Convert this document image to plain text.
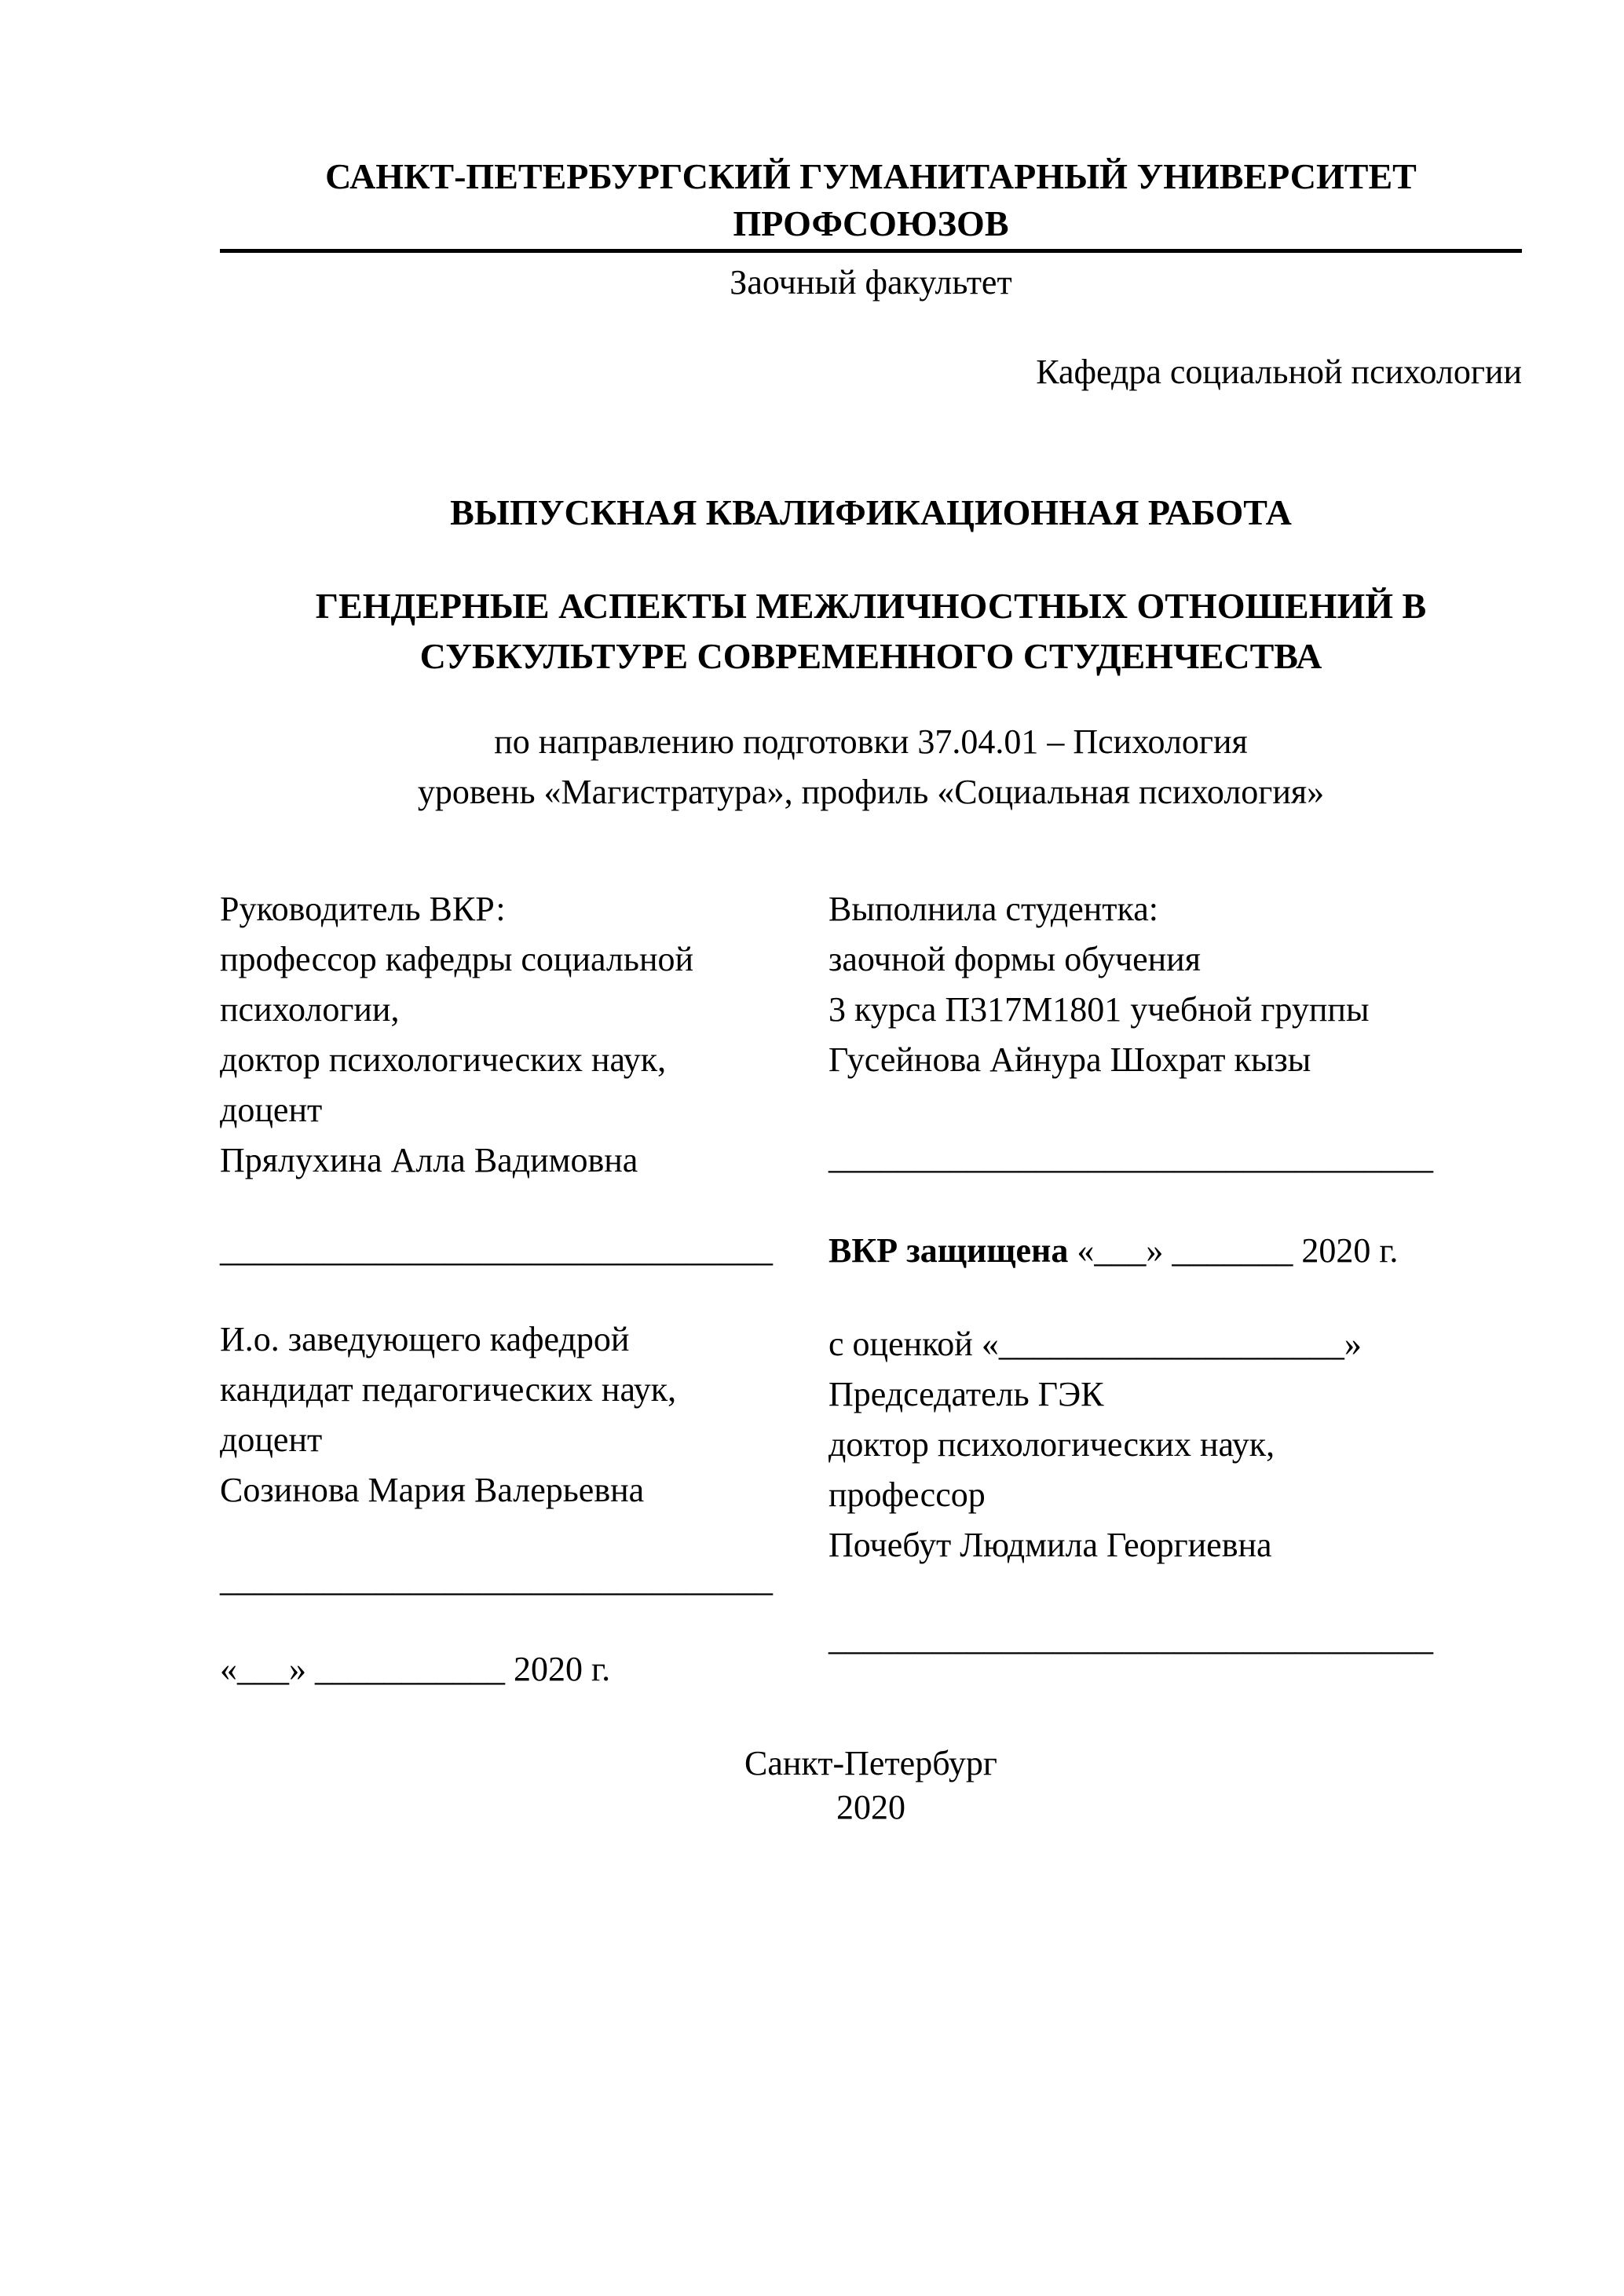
САНКТ-ПЕТЕРБУРГСКИЙ ГУМАНИТАРНЫЙ УНИВЕРСИТЕТ ПРОФСОЮЗОВ
Заочный факультет
Кафедра социальной психологии
ВЫПУСКНАЯ КВАЛИФИКАЦИОННАЯ РАБОТА
ГЕНДЕРНЫЕ АСПЕКТЫ МЕЖЛИЧНОСТНЫХ ОТНОШЕНИЙ В СУБКУЛЬТУРЕ СОВРЕМЕННОГО СТУДЕНЧЕСТВА
по направлению подготовки 37.04.01 – Психология
уровень «Магистратура», профиль «Социальная психология»
Руководитель ВКР:
профессор кафедры социальной
психологии,
доктор психологических наук,
доцент
Прялухина Алла Вадимовна
________________________________
И.о. заведующего кафедрой
кандидат педагогических наук,
доцент
Созинова Мария Валерьевна
________________________________
«___» ___________ 2020 г.
Выполнила студентка:
заочной формы обучения
3 курса П317М1801 учебной группы
Гусейнова Айнура Шохрат кызы
___________________________________
ВКР защищена «___» _______ 2020 г.
с оценкой «____________________»
Председатель ГЭК
доктор психологических наук,
профессор
Почебут Людмила Георгиевна
___________________________________
Санкт-Петербург
2020
